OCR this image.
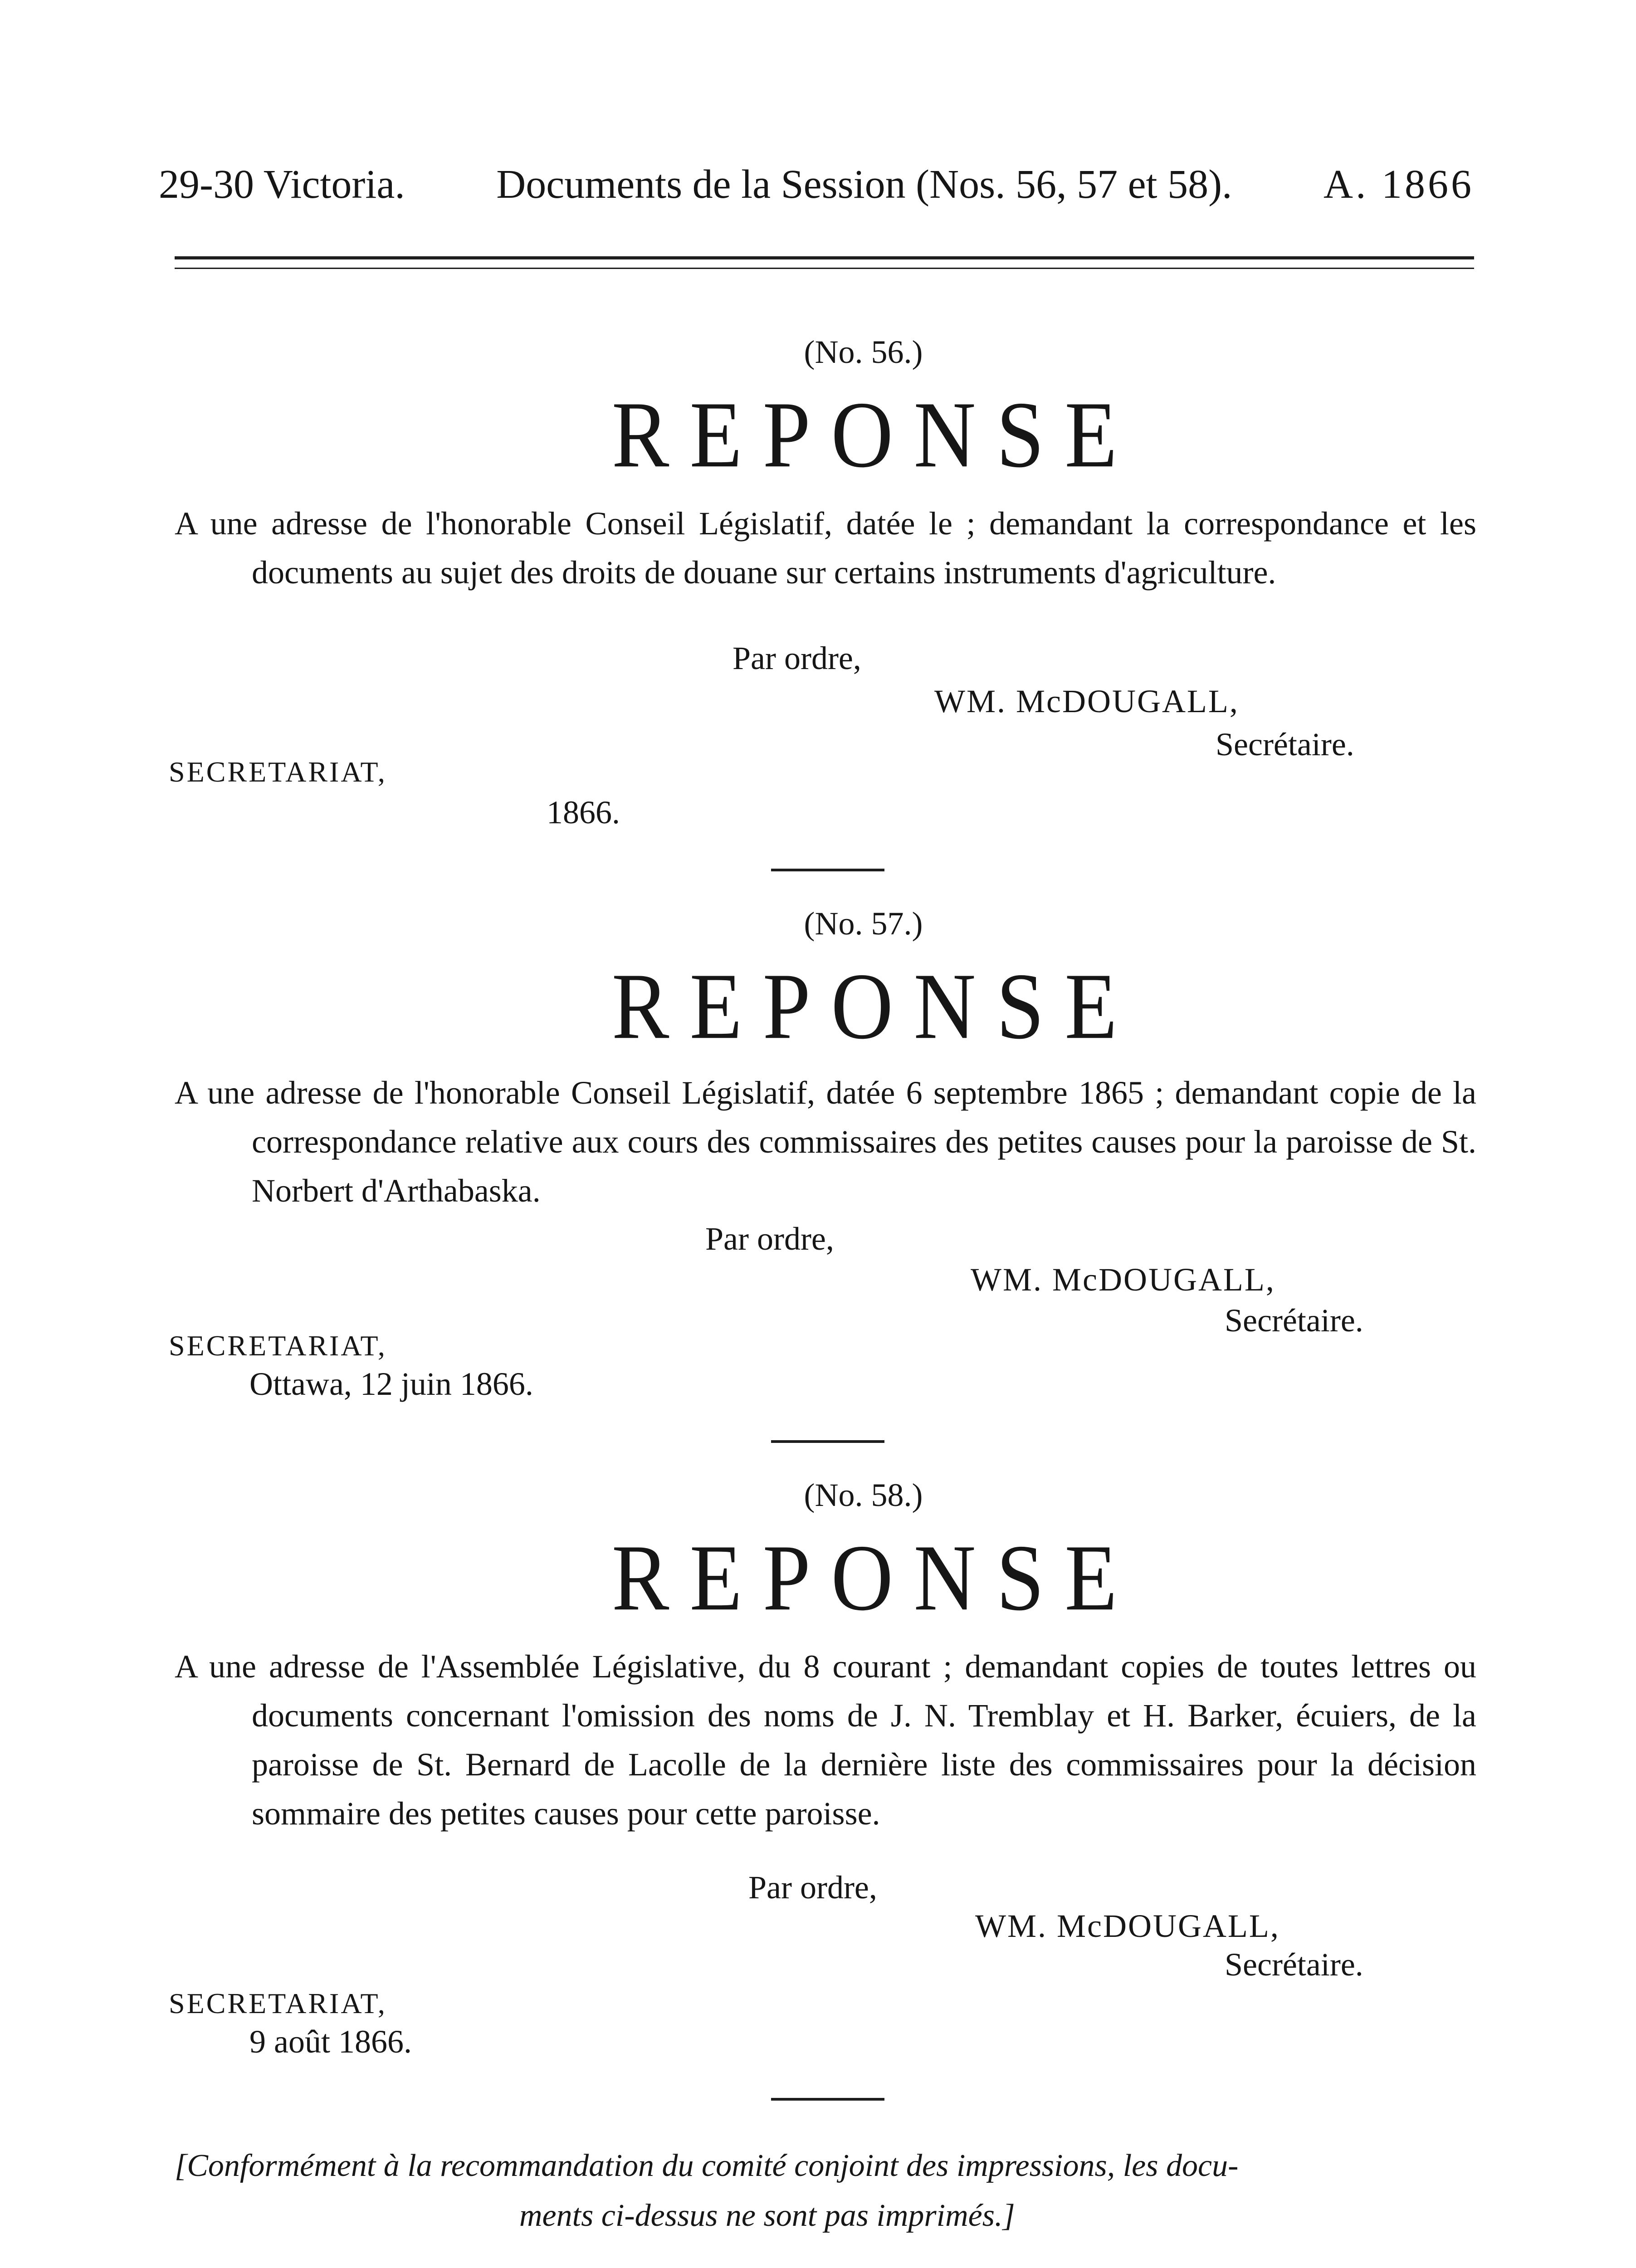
29-30 Victoria. Documents de la Session (Nos. 56, 57 et 58). A. 1866
(No. 56.)
REPONSE
A une adresse de l'honorable Conseil Législatif, datée le ; demandant la correspondance et les documents au sujet des droits de douane sur certains instruments d'agriculture.
Par ordre,
WM. McDOUGALL,
Secrétaire.
SECRETARIAT,
1866.
(No. 57.)
REPONSE
A une adresse de l'honorable Conseil Législatif, datée 6 septembre 1865 ; demandant copie de la correspondance relative aux cours des commissaires des petites causes pour la paroisse de St. Norbert d'Arthabaska.
Par ordre,
WM. McDOUGALL,
Secrétaire.
SECRETARIAT,
Ottawa, 12 juin 1866.
(No. 58.)
REPONSE
A une adresse de l'Assemblée Législative, du 8 courant ; demandant copies de toutes lettres ou documents concernant l'omission des noms de J. N. Tremblay et H. Barker, écuiers, de la paroisse de St. Bernard de Lacolle de la dernière liste des commissaires pour la décision sommaire des petites causes pour cette paroisse.
Par ordre,
WM. McDOUGALL,
Secrétaire.
SECRETARIAT,
9 août 1866.
[Conformément à la recommandation du comité conjoint des impressions, les docu-
ments ci-dessus ne sont pas imprimés.]
